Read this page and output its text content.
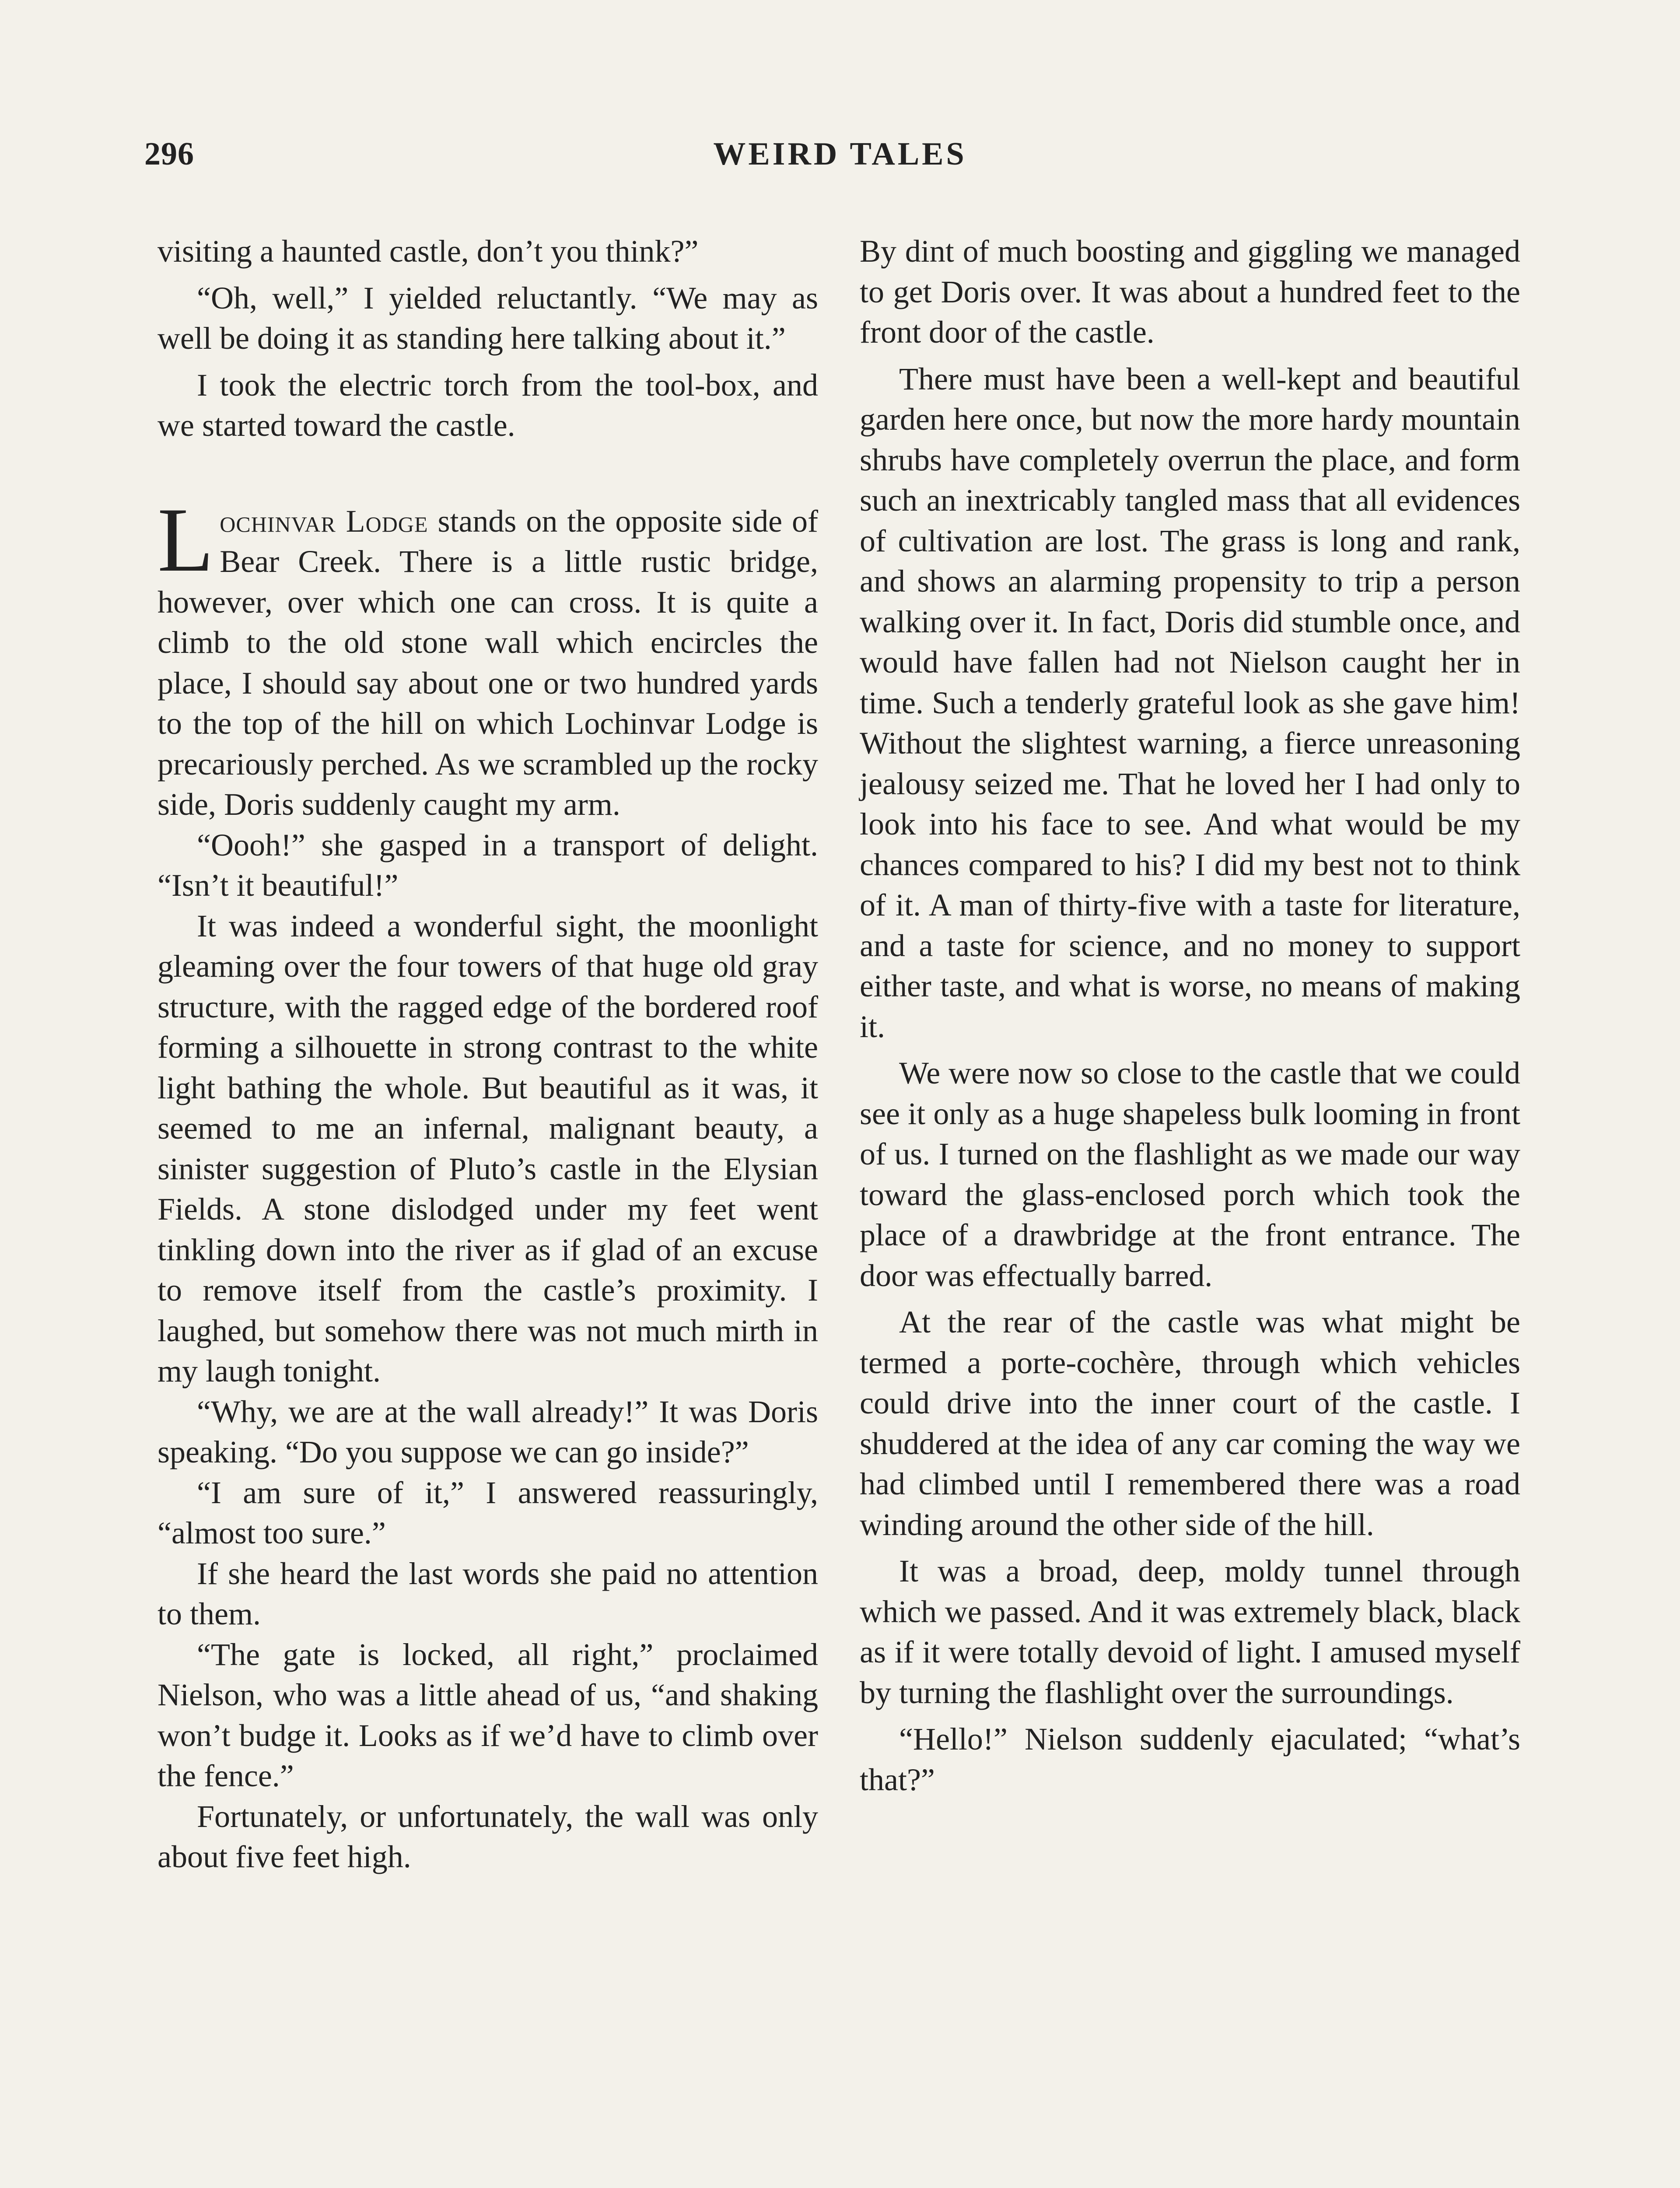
296	WEIRD TALES

visiting a haunted castle, don’t you think?”

“Oh, well,” I yielded reluctantly. “We may as well be doing it as standing here talking about it.”

I took the electric torch from the tool-box, and we started toward the castle.

Lochinvar Lodge stands on the opposite side of Bear Creek. There is a little rustic bridge, however, over which one can cross. It is quite a climb to the old stone wall which encircles the place, I should say about one or two hundred yards to the top of the hill on which Lochinvar Lodge is precariously perched. As we scrambled up the rocky side, Doris suddenly caught my arm.

“Oooh!” she gasped in a transport of delight. “Isn’t it beautiful!”

It was indeed a wonderful sight, the moonlight gleaming over the four towers of that huge old gray structure, with the ragged edge of the bordered roof forming a silhouette in strong contrast to the white light bathing the whole. But beautiful as it was, it seemed to me an infernal, malignant beauty, a sinister suggestion of Pluto’s castle in the Elysian Fields. A stone dislodged under my feet went tinkling down into the river as if glad of an excuse to remove itself from the castle’s proximity. I laughed, but somehow there was not much mirth in my laugh tonight.

“Why, we are at the wall already!” It was Doris speaking. “Do you suppose we can go inside?”

“I am sure of it,” I answered reassuringly, “almost too sure.”

If she heard the last words she paid no attention to them.

“The gate is locked, all right,” proclaimed Nielson, who was a little ahead of us, “and shaking won’t budge it. Looks as if we’d have to climb over the fence.”

Fortunately, or unfortunately, the wall was only about five feet high.

By dint of much boosting and giggling we managed to get Doris over. It was about a hundred feet to the front door of the castle.

There must have been a well-kept and beautiful garden here once, but now the more hardy mountain shrubs have completely overrun the place, and form such an inextricably tangled mass that all evidences of cultivation are lost. The grass is long and rank, and shows an alarming propensity to trip a person walking over it. In fact, Doris did stumble once, and would have fallen had not Nielson caught her in time. Such a tenderly grateful look as she gave him! Without the slightest warning, a fierce unreasoning jealousy seized me. That he loved her I had only to look into his face to see. And what would be my chances compared to his? I did my best not to think of it. A man of thirty-five with a taste for literature, and a taste for science, and no money to support either taste, and what is worse, no means of making it.

We were now so close to the castle that we could see it only as a huge shapeless bulk looming in front of us. I turned on the flashlight as we made our way toward the glass-enclosed porch which took the place of a drawbridge at the front entrance. The door was effectually barred.

At the rear of the castle was what might be termed a porte-cochère, through which vehicles could drive into the inner court of the castle. I shuddered at the idea of any car coming the way we had climbed until I remembered there was a road winding around the other side of the hill.

It was a broad, deep, moldy tunnel through which we passed. And it was extremely black, black as if it were totally devoid of light. I amused myself by turning the flashlight over the surroundings.

“Hello!” Nielson suddenly ejaculated; “what’s that?”
